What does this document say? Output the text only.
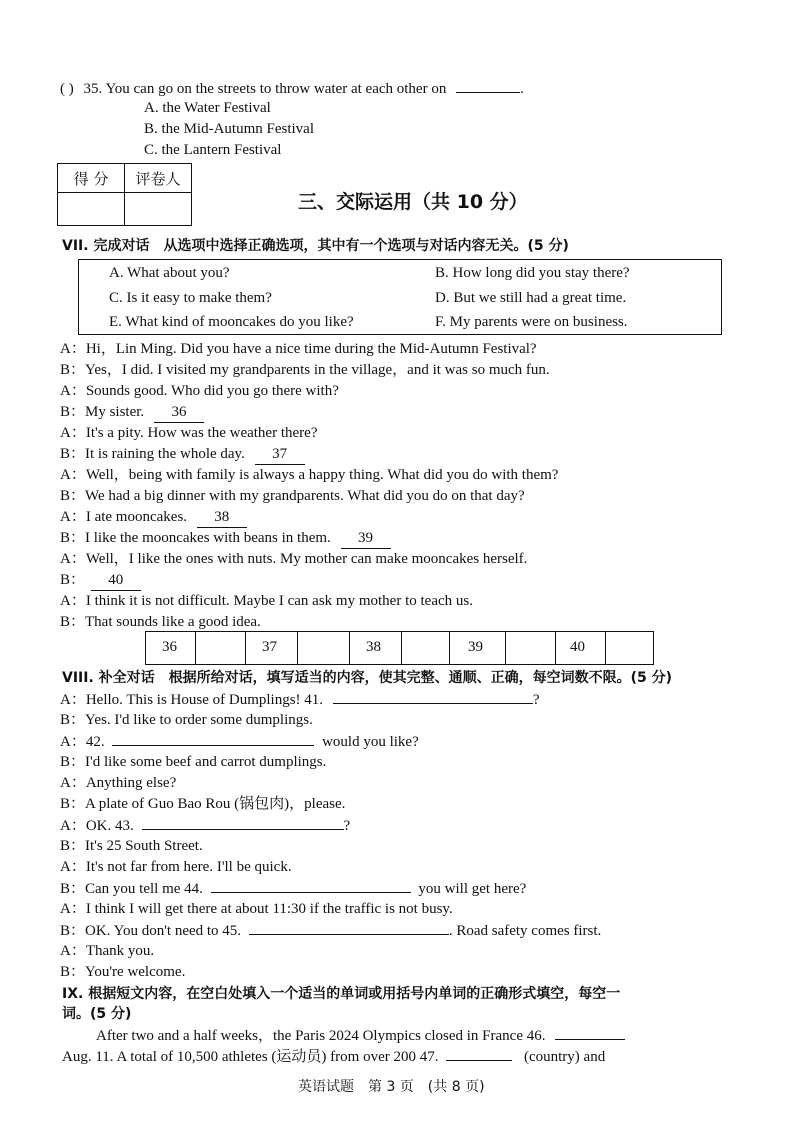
( ) 35. You can go on the streets to throw water at each other on	.
A. the Water Festival
B. the Mid-Autumn Festival
C. the Lantern Festival
得 分	评卷人

三、交际运用（共 10 分）
VII. 完成对话　从选项中选择正确选项，其中有一个选项与对话内容无关。(5 分)
A. What about you?	B. How long did you stay there?
C. Is it easy to make them?	D. But we still had a great time.
E. What kind of mooncakes do you like?	F. My parents were on business.
A：Hi，Lin Ming. Did you have a nice time during the Mid-Autumn Festival?
B：Yes，I did. I visited my grandparents in the village，and it was so much fun.
A：Sounds good. Who did you go there with?
B：My sister. 36
A：It's a pity. How was the weather there?
B：It is raining the whole day. 37
A：Well，being with family is always a happy thing. What did you do with them?
B：We had a big dinner with my grandparents. What did you do on that day?
A：I ate mooncakes. 38
B：I like the mooncakes with beans in them. 39
A：Well，I like the ones with nuts. My mother can make mooncakes herself.
B： 40
A：I think it is not difficult. Maybe I can ask my mother to teach us.
B：That sounds like a good idea.
36	37	38	39	40
VIII. 补全对话　根据所给对话，填写适当的内容，使其完整、通顺、正确，每空词数不限。(5 分)
A：Hello. This is House of Dumplings! 41.	?
B：Yes. I'd like to order some dumplings.
A：42.	would you like?
B：I'd like some beef and carrot dumplings.
A：Anything else?
B：A plate of Guo Bao Rou (锅包肉)，please.
A：OK. 43.	?
B：It's 25 South Street.
A：It's not far from here. I'll be quick.
B：Can you tell me 44.	you will get here?
A：I think I will get there at about 11:30 if the traffic is not busy.
B：OK. You don't need to 45.	. Road safety comes first.
A：Thank you.
B：You're welcome.
IX. 根据短文内容，在空白处填入一个适当的单词或用括号内单词的正确形式填空，每空一
词。(5 分)
After two and a half weeks，the Paris 2024 Olympics closed in France 46.
Aug. 11. A total of 10,500 athletes (运动员) from over 200 47.	(country) and
英语试题　第 3 页　(共 8 页)
